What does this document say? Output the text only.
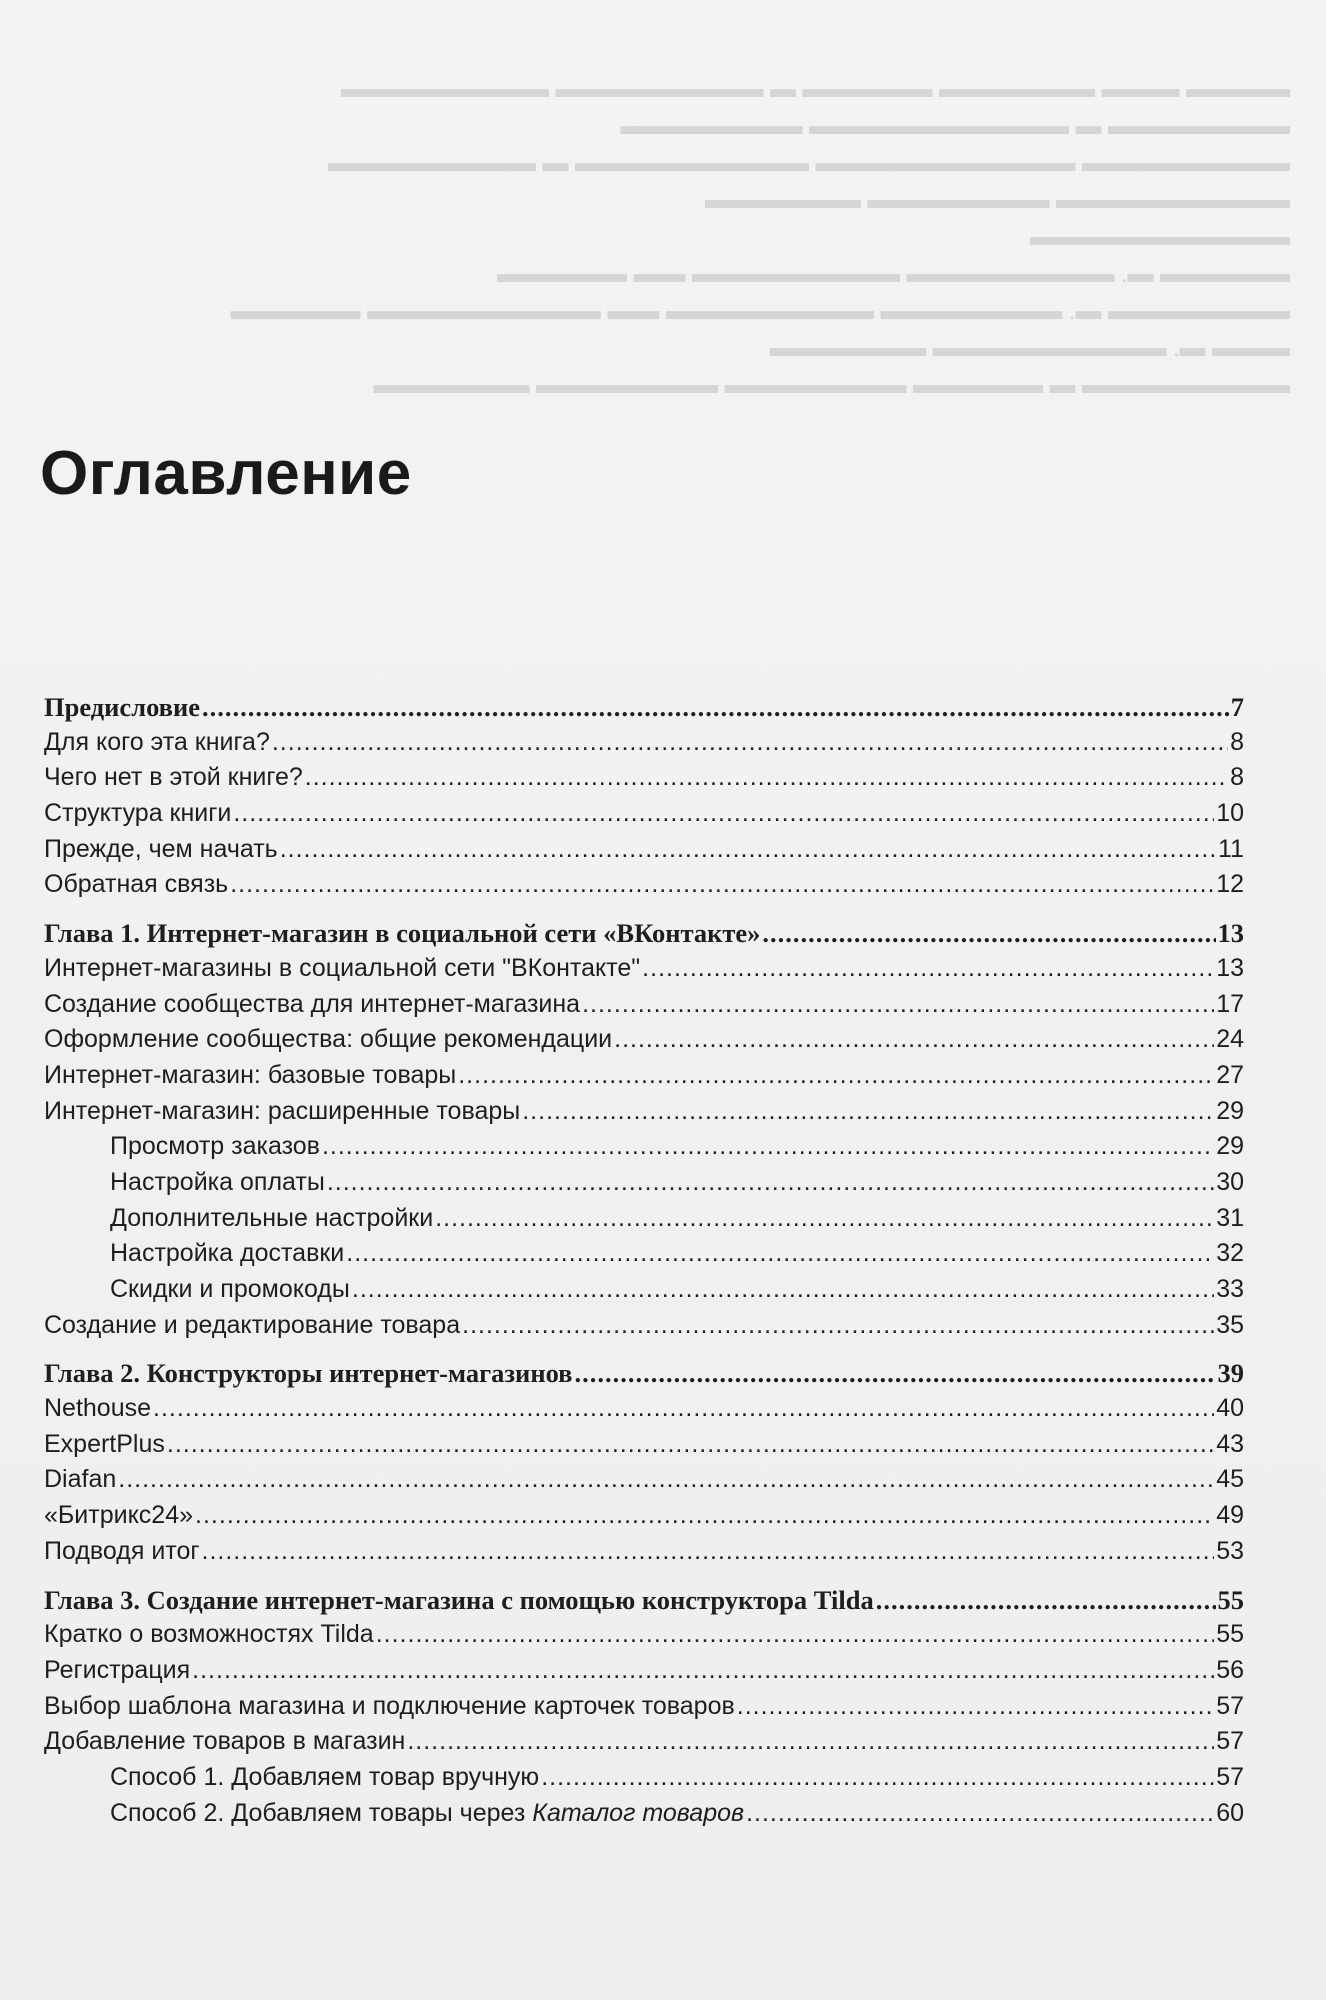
▬▬▬▬ ▬▬▬ ▬▬▬▬▬▬ ▬▬▬▬▬ ▬ ▬▬▬▬▬▬▬▬ ▬▬▬▬▬▬▬▬
▬▬▬▬▬▬▬ ▬ ▬▬▬▬▬▬▬▬▬▬ ▬▬▬▬▬▬▬
▬▬▬▬▬▬▬▬ ▬▬▬▬▬▬▬▬▬▬ ▬▬▬▬▬▬▬▬▬ ▬ ▬▬▬▬▬▬▬▬
▬▬▬▬▬▬▬▬▬ ▬▬▬▬▬▬▬ ▬▬▬▬▬▬
▬▬▬▬▬▬▬▬▬▬
▬▬▬▬▬ ▬. ▬▬▬▬▬▬▬▬ ▬▬▬▬▬▬▬▬ ▬▬ ▬▬▬▬▬
▬▬▬▬▬▬▬ ▬. ▬▬▬▬▬▬▬ ▬▬▬▬▬▬▬▬ ▬▬ ▬▬▬▬▬▬▬▬▬ ▬▬▬▬▬
▬▬▬ ▬. ▬▬▬▬▬▬▬▬▬ ▬▬▬▬▬▬
▬▬▬▬▬▬▬▬ ▬ ▬▬▬▬▬ ▬▬▬▬▬▬▬ ▬▬▬▬▬▬▬ ▬▬▬▬▬▬
Оглавление
Предисловие .....	7
Для кого эта книга? .....	8
Чего нет в этой книге? .....	8
Структура книги .....	10
Прежде, чем начать .....	11
Обратная связь .....	12
Глава 1. Интернет-магазин в социальной сети «ВКонтакте» .....	13
Интернет-магазины в социальной сети "ВКонтакте" .....	13
Создание сообщества для интернет-магазина .....	17
Оформление сообщества: общие рекомендации .....	24
Интернет-магазин: базовые товары .....	27
Интернет-магазин: расширенные товары .....	29
Просмотр заказов .....	29
Настройка оплаты .....	30
Дополнительные настройки .....	31
Настройка доставки .....	32
Скидки и промокоды .....	33
Создание и редактирование товара .....	35
Глава 2. Конструкторы интернет-магазинов .....	39
Nethouse .....	40
ExpertPlus .....	43
Diafan .....	45
«Битрикс24» .....	49
Подводя итог .....	53
Глава 3. Создание интернет-магазина с помощью конструктора Tilda .....	55
Кратко о возможностях Tilda .....	55
Регистрация .....	56
Выбор шаблона магазина и подключение карточек товаров .....	57
Добавление товаров в магазин .....	57
Способ 1. Добавляем товар вручную .....	57
Способ 2. Добавляем товары через Каталог товаров .....	60
